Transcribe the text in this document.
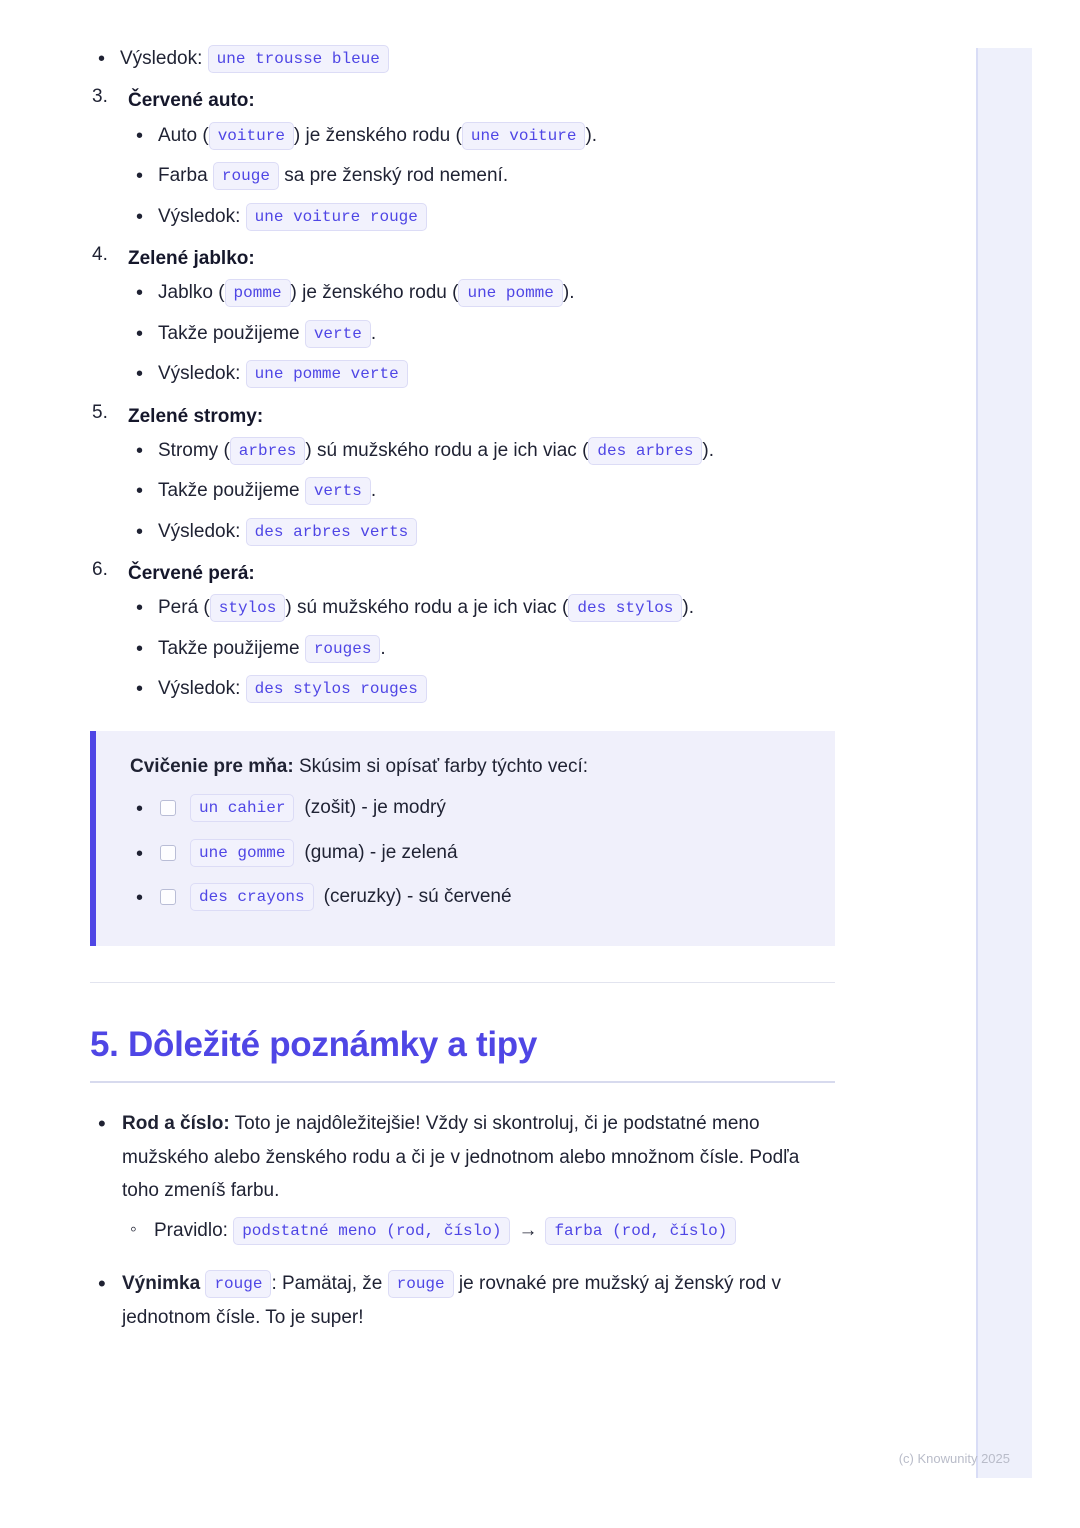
• Výsledok: une trousse bleue
3. Červené auto:
• Auto ( voiture ) je ženského rodu ( une voiture ).
• Farba rouge sa pre ženský rod nemení.
• Výsledok: une voiture rouge
4. Zelené jablko:
• Jablko ( pomme ) je ženského rodu ( une pomme ).
• Takže použijeme verte .
• Výsledok: une pomme verte
5. Zelené stromy:
• Stromy ( arbres ) sú mužského rodu a je ich viac ( des arbres ).
• Takže použijeme verts .
• Výsledok: des arbres verts
6. Červené perá:
• Perá ( stylos ) sú mužského rodu a je ich viac ( des stylos ).
• Takže použijeme rouges .
• Výsledok: des stylos rouges
Cvičenie pre mňa: Skúsim si opísať farby týchto vecí:
• un cahier	(zošit) - je modrý
• une gomme	(guma) - je zelená
• des crayons	(ceruzky) - sú červené
5. Dôležité poznámky a tipy
• Rod a číslo: Toto je najdôležitejšie! Vždy si skontroluj, či je podstatné meno mužského alebo ženského rodu a či je v jednotnom alebo množnom čísle. Podľa toho zmeníš farbu.
◦ Pravidlo: podstatné meno (rod, číslo) → farba (rod, číslo)
• Výnimka rouge : Pamätaj, že rouge je rovnaké pre mužský aj ženský rod v jednotnom čísle. To je super!
(c) Knowunity 2025
